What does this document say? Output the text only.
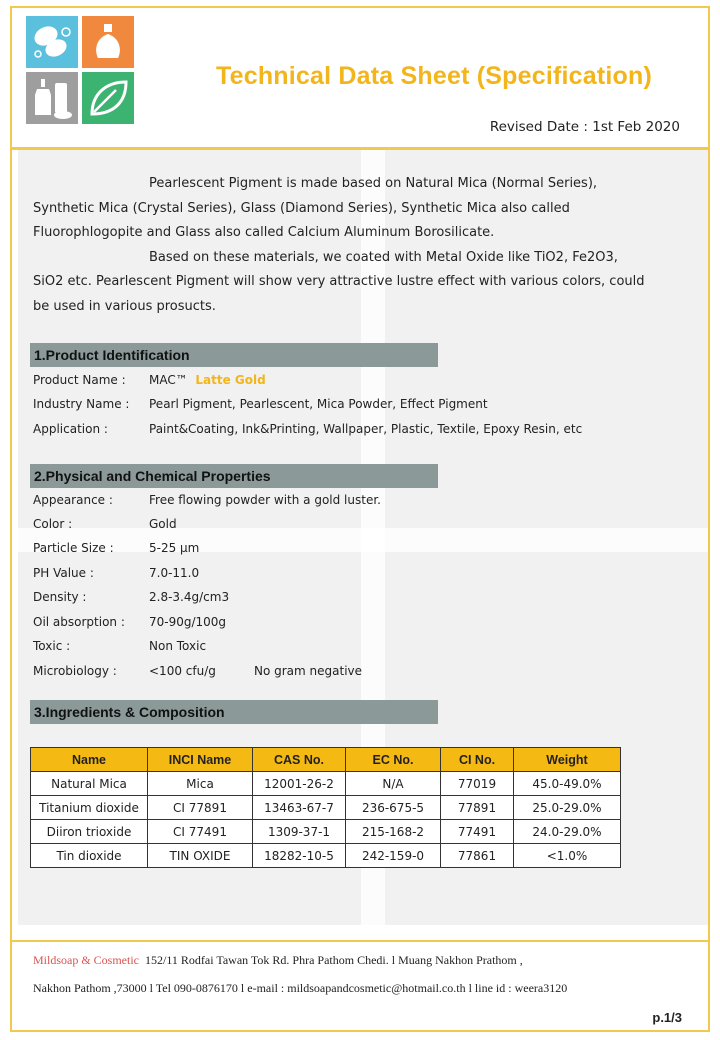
Technical Data Sheet (Specification)
Revised Date : 1st Feb 2020

Pearlescent Pigment is made based on Natural Mica (Normal Series),

Synthetic Mica (Crystal Series), Glass (Diamond Series), Synthetic Mica also called Fluorophlogopite and Glass also called Calcium Aluminum Borosilicate.

Based on these materials, we coated with Metal Oxide like TiO2, Fe2O3,

SiO2 etc. Pearlescent Pigment will show very attractive lustre effect with various colors, could be used in various prosucts.

1.Product Identification
Product Name : MAC™ Latte Gold
Industry Name : Pearl Pigment, Pearlescent, Mica Powder, Effect Pigment
Application :	Paint&Coating, Ink&Printing, Wallpaper, Plastic, Textile, Epoxy Resin, etc
2.Physical and Chemical Properties
Appearance :	Free flowing powder with a gold luster.
Color :	Gold
Particle Size :	5-25 µm
PH Value :	7.0-11.0
Density :	2.8-3.4g/cm3
Oil absorption : 70-90g/100g
Toxic :	Non Toxic
Microbiology :	<100 cfu/g	No gram negative
3.Ingredients & Composition
Name	INCI Name	CAS No.	EC No.	CI No.	Weight
Natural Mica	Mica	12001-26-2	N/A	77019	45.0-49.0%
Titanium dioxide	CI 77891	13463-67-7	236-675-5	77891	25.0-29.0%
Diiron trioxide	CI 77491	1309-37-1	215-168-2	77491	24.0-29.0%
Tin dioxide	TIN OXIDE	18282-10-5	242-159-0	77861	<1.0%
Mildsoap & Cosmetic 152/11 Rodfai Tawan Tok Rd. Phra Pathom Chedi. l Muang Nakhon Prathom ,
Nakhon Pathom ,73000 l Tel 090-0876170 l e-mail : mildsoapandcosmetic@hotmail.co.th l line id : weera3120
p.1/3
